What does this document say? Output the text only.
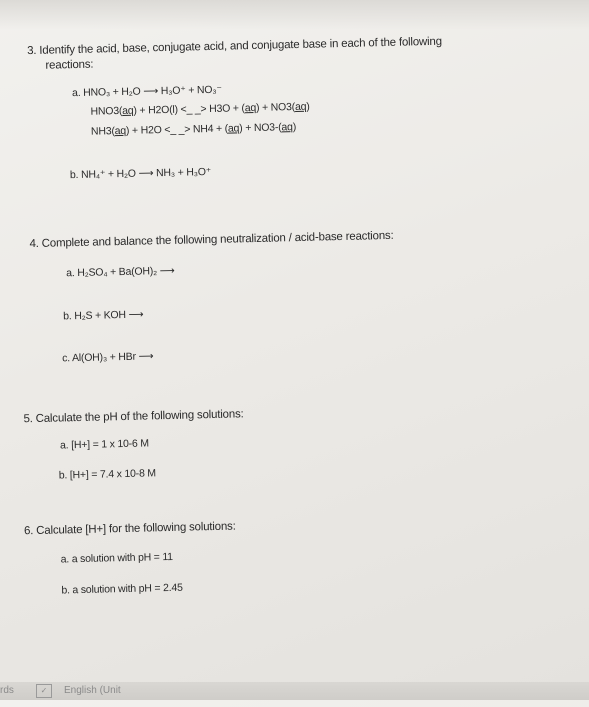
3. Identify the acid, base, conjugate acid, and conjugate base in each of the following
reactions:
a. HNO₃ + H₂O ⟶ H₃O⁺ + NO₃⁻
HNO3(aq) + H2O(l) <_ _> H3O + (aq) + NO3(aq)
NH3(aq) + H2O <_ _> NH4 + (aq) + NO3-(aq)
b. NH₄⁺ + H₂O ⟶ NH₃ + H₃O⁺
4. Complete and balance the following neutralization / acid-base reactions:
a. H₂SO₄ + Ba(OH)₂ ⟶
b. H₂S + KOH ⟶
c. Al(OH)₃ + HBr ⟶
5. Calculate the pH of the following solutions:
a. [H+] = 1 x 10-6 M
b. [H+] = 7.4 x 10-8 M
6. Calculate [H+] for the following solutions:
a. a solution with pH = 11
b. a solution with pH = 2.45
rds	✓	English (Unit
